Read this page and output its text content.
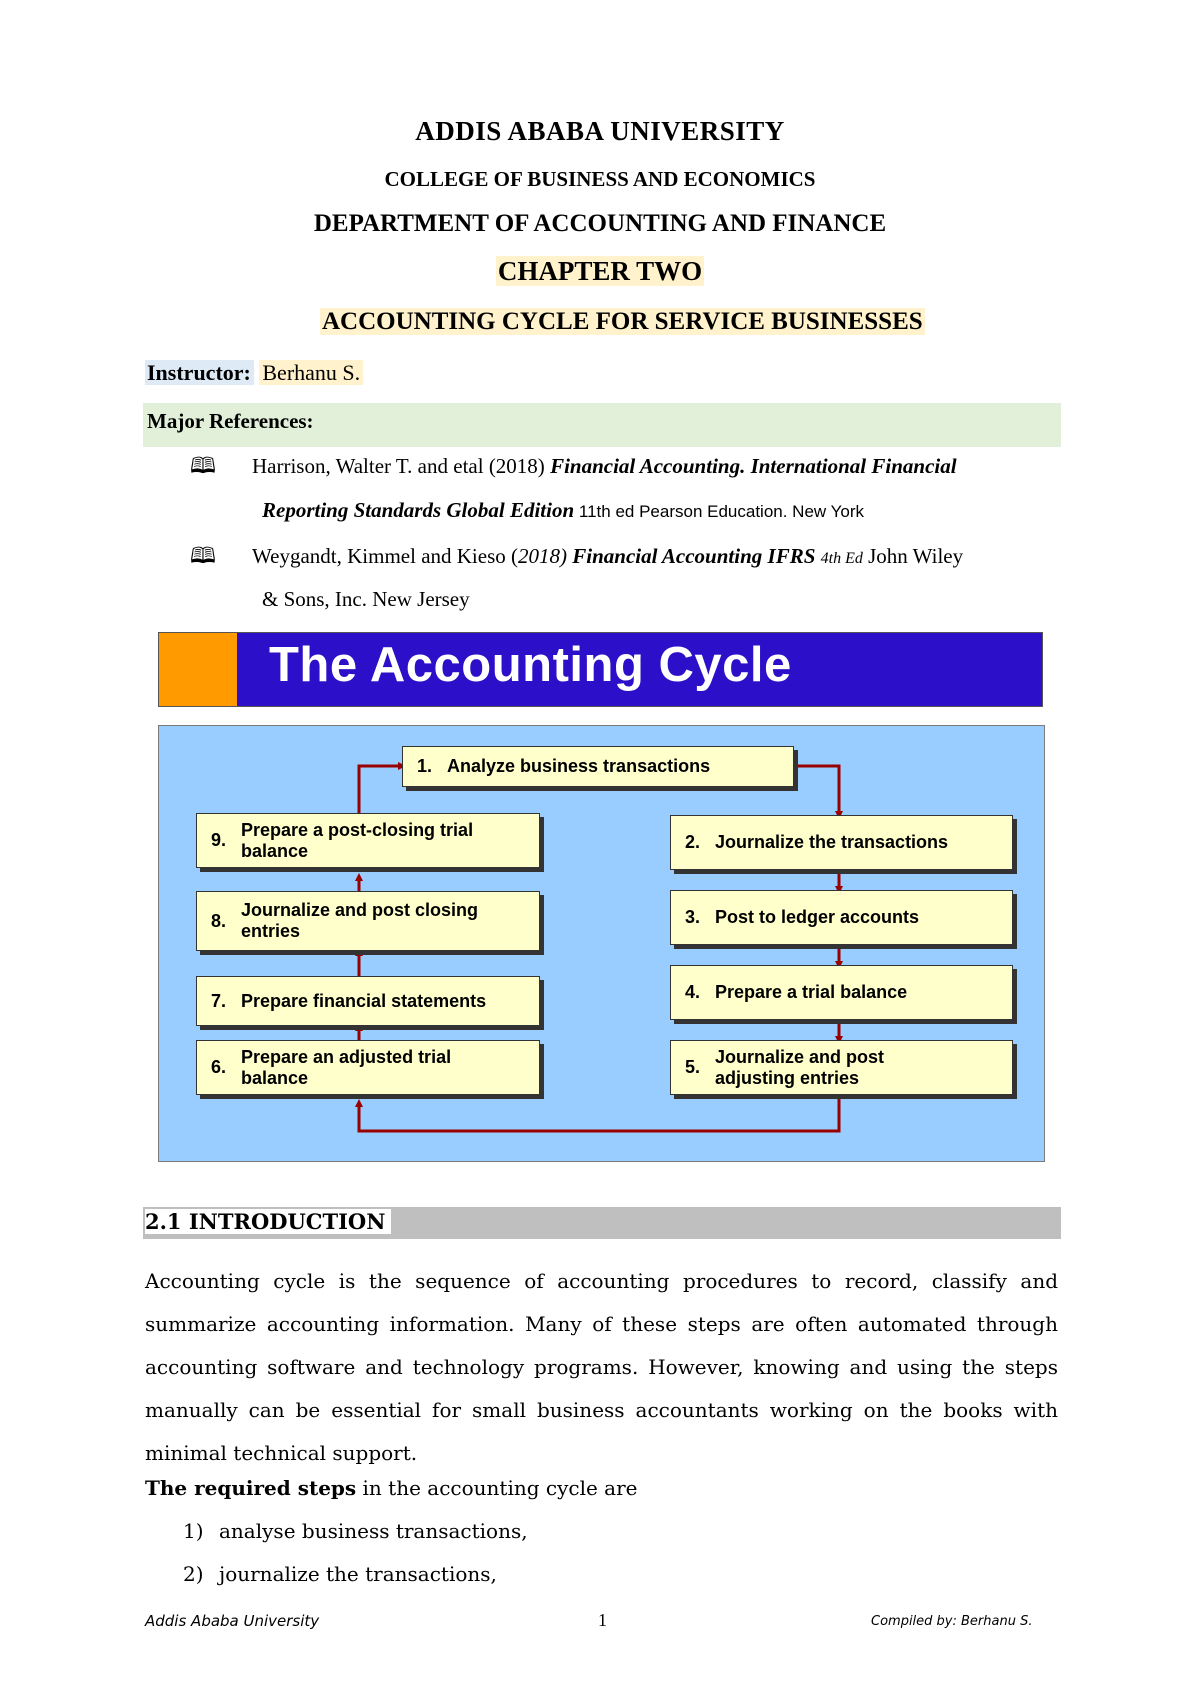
ADDIS ABABA UNIVERSITY
COLLEGE OF BUSINESS AND ECONOMICS
DEPARTMENT OF ACCOUNTING AND FINANCE
CHAPTER TWO
ACCOUNTING CYCLE FOR SERVICE BUSINESSES
Instructor: Berhanu S.
Major References:
🕮 Harrison, Walter T. and etal (2018) Financial Accounting. International Financial
Reporting Standards Global Edition 11th ed Pearson Education. New York
🕮 Weygandt, Kimmel and Kieso (2018) Financial Accounting IFRS 4th Ed John Wiley
& Sons, Inc. New Jersey
The Accounting Cycle
1. Analyze business transactions
2. Journalize the transactions
3. Post to ledger accounts
4. Prepare a trial balance
5.
Journalize and post adjusting entries
6.
Prepare an adjusted trial balance
7. Prepare financial statements
8.
Journalize and post closing entries
9.
Prepare a post-closing trial balance
2.1 INTRODUCTION
Accounting cycle is the sequence of accounting procedures to record, classify and summarize accounting information. Many of these steps are often automated through accounting software and technology programs. However, knowing and using the steps manually can be essential for small business accountants working on the books with minimal technical support.
The required steps in the accounting cycle are
1) analyse business transactions,
2) journalize the transactions,
Addis Ababa University	1	Compiled by: Berhanu S.
